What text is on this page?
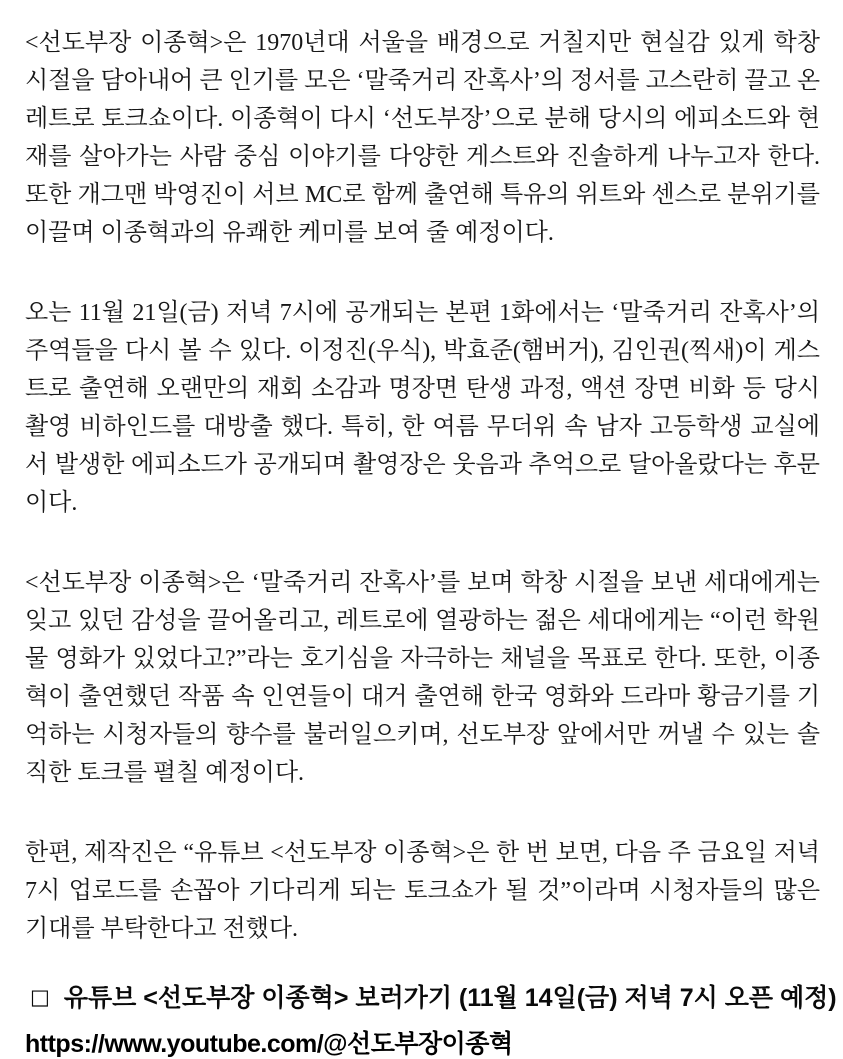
<선도부장 이종혁>은 1970년대 서울을 배경으로 거칠지만 현실감 있게 학창 시절을 담아내어 큰 인기를 모은 ‘말죽거리 잔혹사’의 정서를 고스란히 끌고 온 레트로 토크쇼이다. 이종혁이 다시 ‘선도부장’으로 분해 당시의 에피소드와 현재를 살아가는 사람 중심 이야기를 다양한 게스트와 진솔하게 나누고자 한다. 또한 개그맨 박영진이 서브 MC로 함께 출연해 특유의 위트와 센스로 분위기를 이끌며 이종혁과의 유쾌한 케미를 보여 줄 예정이다.

오는 11월 21일(금) 저녁 7시에 공개되는 본편 1화에서는 ‘말죽거리 잔혹사’의 주역들을 다시 볼 수 있다. 이정진(우식), 박효준(햄버거), 김인권(찍새)이 게스트로 출연해 오랜만의 재회 소감과 명장면 탄생 과정, 액션 장면 비화 등 당시 촬영 비하인드를 대방출 했다. 특히, 한 여름 무더위 속 남자 고등학생 교실에서 발생한 에피소드가 공개되며 촬영장은 웃음과 추억으로 달아올랐다는 후문이다.

<선도부장 이종혁>은 ‘말죽거리 잔혹사’를 보며 학창 시절을 보낸 세대에게는 잊고 있던 감성을 끌어올리고, 레트로에 열광하는 젊은 세대에게는 “이런 학원물 영화가 있었다고?”라는 호기심을 자극하는 채널을 목표로 한다. 또한, 이종혁이 출연했던 작품 속 인연들이 대거 출연해 한국 영화와 드라마 황금기를 기억하는 시청자들의 향수를 불러일으키며, 선도부장 앞에서만 꺼낼 수 있는 솔직한 토크를 펼칠 예정이다.

한편, 제작진은 “유튜브 <선도부장 이종혁>은 한 번 보면, 다음 주 금요일 저녁 7시 업로드를 손꼽아 기다리게 되는 토크쇼가 될 것”이라며 시청자들의 많은 기대를 부탁한다고 전했다.

□ 유튜브 <선도부장 이종혁> 보러가기 (11월 14일(금) 저녁 7시 오픈 예정)
https://www.youtube.com/@선도부장이종혁
